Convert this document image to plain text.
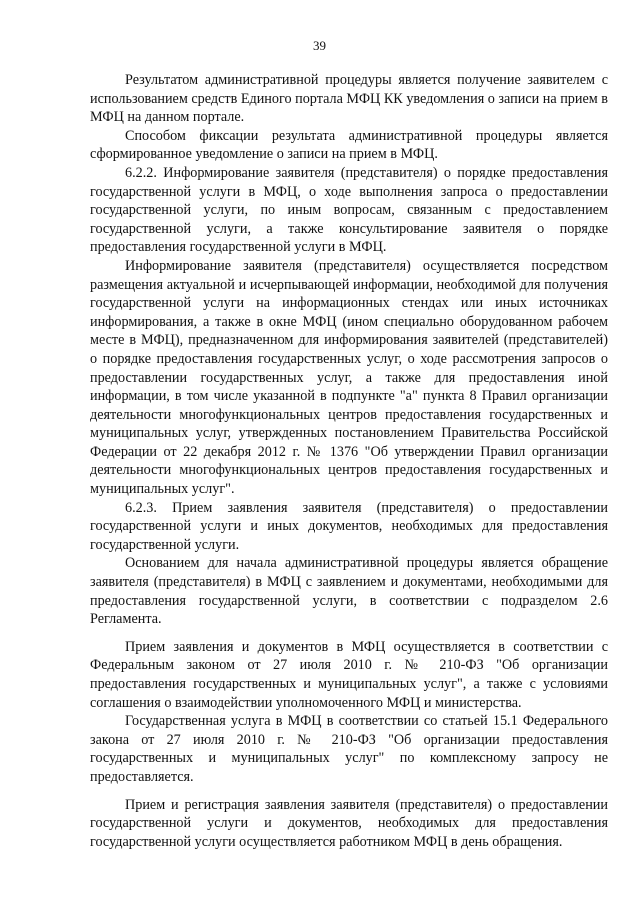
39

Результатом административной процедуры является получение заявителем с использованием средств Единого портала МФЦ КК уведомления о записи на прием в МФЦ на данном портале.

Способом фиксации результата административной процедуры является сформированное уведомление о записи на прием в МФЦ.

6.2.2. Информирование заявителя (представителя) о порядке предоставления государственной услуги в МФЦ, о ходе выполнения запроса о предоставлении государственной услуги, по иным вопросам, связанным с предоставлением государственной услуги, а также консультирование заявителя о порядке предоставления государственной услуги в МФЦ.

Информирование заявителя (представителя) осуществляется посредством размещения актуальной и исчерпывающей информации, необходимой для получения государственной услуги на информационных стендах или иных источниках информирования, а также в окне МФЦ (ином специально оборудованном рабочем месте в МФЦ), предназначенном для информирования заявителей (представителей) о порядке предоставления государственных услуг, о ходе рассмотрения запросов о предоставлении государственных услуг, а также для предоставления иной информации, в том числе указанной в подпункте "а" пункта 8 Правил организации деятельности многофункциональных центров предоставления государственных и муниципальных услуг, утвержденных постановлением Правительства Российской Федерации от 22 декабря 2012 г. № 1376 "Об утверждении Правил организации деятельности многофункциональных центров предоставления государственных и муниципальных услуг".

6.2.3. Прием заявления заявителя (представителя) о предоставлении государственной услуги и иных документов, необходимых для предоставления государственной услуги.

Основанием для начала административной процедуры является обращение заявителя (представителя) в МФЦ с заявлением и документами, необходимыми для предоставления государственной услуги, в соответствии с подразделом 2.6 Регламента.

Прием заявления и документов в МФЦ осуществляется в соответствии с Федеральным законом от 27 июля 2010 г. № 210-ФЗ "Об организации предоставления государственных и муниципальных услуг", а также с условиями соглашения о взаимодействии уполномоченного МФЦ и министерства.

Государственная услуга в МФЦ в соответствии со статьей 15.1 Федерального закона от 27 июля 2010 г. № 210-ФЗ "Об организации предоставления государственных и муниципальных услуг" по комплексному запросу не предоставляется.

Прием и регистрация заявления заявителя (представителя) о предоставлении государственной услуги и документов, необходимых для предоставления государственной услуги осуществляется работником МФЦ в день обращения.
